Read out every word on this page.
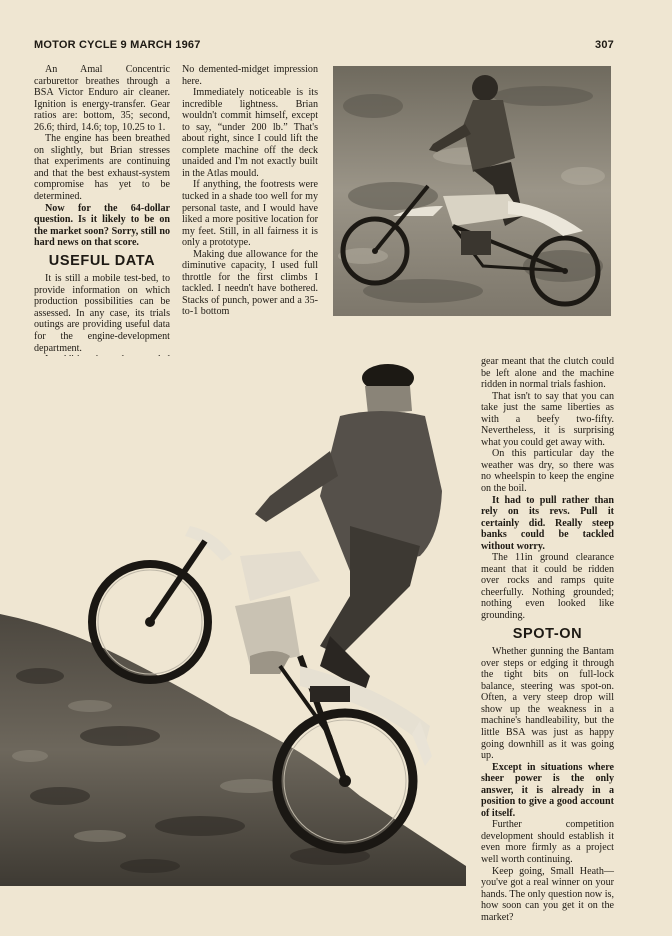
MOTOR CYCLE 9 MARCH 1967	307

An Amal Concentric carburettor breathes through a BSA Victor Enduro air cleaner. Ignition is energy-transfer. Gear ratios are: bottom, 35; second, 26.6; third, 14.6; top, 10.25 to 1.

The engine has been breathed on slightly, but Brian stresses that experiments are continuing and that the best exhaust-system compromise has yet to be determined.

Now for the 64-dollar question. Is it likely to be on the market soon? Sorry, still no hard news on that score.

USEFUL DATA

It is still a mobile test-bed, to provide information on which production possibilities can be assessed. In any case, its trials outings are providing useful data for the engine-development department.

No demented-midget impression here.

Immediately noticeable is its incredible lightness. Brian wouldn't commit himself, except to say, “under 200 lb.” That's about right, since I could lift the complete machine off the deck unaided and I'm not exactly built in the Atlas mould.

If anything, the footrests were tucked in a shade too well for my personal taste, and I would have liked a more positive location for my feet. Still, in all fairness it is only a prototype.

Making due allowance for the diminutive capacity, I used full throttle for the first climbs I tackled. I needn't have bothered. Stacks of punch, power and a 35-to-1 bottom

gear meant that the clutch could be left alone and the machine ridden in normal trials fashion.

That isn't to say that you can take just the same liberties as with a beefy two-fifty. Nevertheless, it is surprising what you could get away with.

On this particular day the weather was dry, so there was no wheelspin to keep the engine on the boil.

It had to pull rather than rely on its revs. Pull it certainly did. Really steep banks could be tackled without worry.

The 11in ground clearance meant that it could be ridden over rocks and ramps quite cheerfully. Nothing grounded; nothing even looked like grounding.

SPOT-ON

Whether gunning the Bantam over steps or edging it through the tight bits on full-lock balance, steering was spot-on. Often, a very steep drop will show up the weakness in a machine's handleability, but the little BSA was just as happy going downhill as it was going up.

Except in situations where sheer power is the only answer, it is already in a position to give a good account of itself.

Further competition development should establish it even more firmly as a project well worth continuing.

Keep going, Small Heath—you've got a real winner on your hands. The only question now is, how soon can you get it on the market?
